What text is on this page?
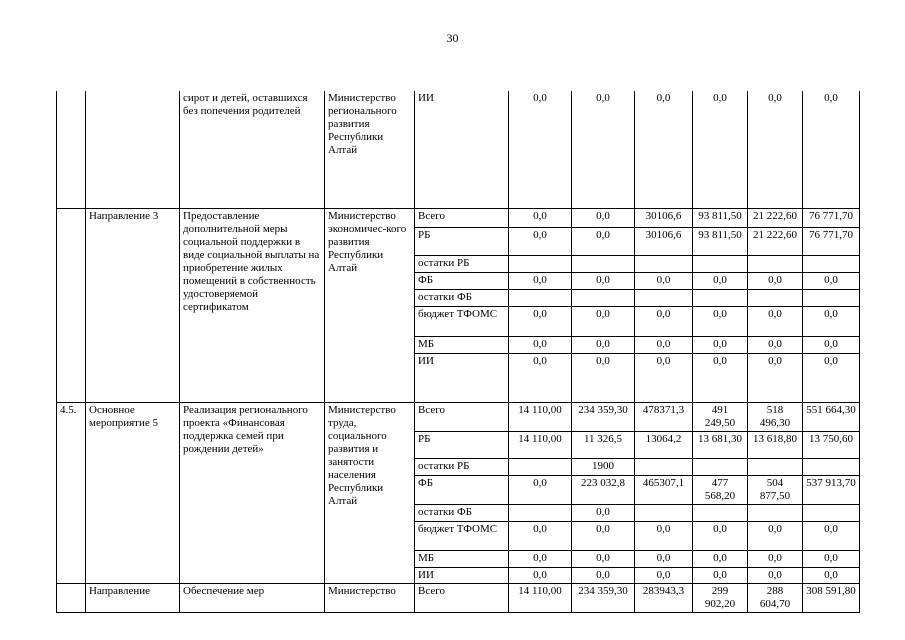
30
		сирот и детей, оставшихся без попечения родителей	Министерство регионального развития Республики Алтай	ИИ	0,0	0,0	0,0	0,0	0,0	0,0
	Направление 3	Предоставление дополнительной меры социальной поддержки в виде социальной выплаты на приобретение жилых помещений в собственность удостоверяемой сертификатом	Министерство экономичес-кого развития Республики Алтай	Всего	0,0	0,0	30106,6	93 811,50	21 222,60	76 771,70
				РБ	0,0	0,0	30106,6	93 811,50	21 222,60	76 771,70
				остатки РБ						
				ФБ	0,0	0,0	0,0	0,0	0,0	0,0
				остатки ФБ						
				бюджет ТФОМС	0,0	0,0	0,0	0,0	0,0	0,0
				МБ	0,0	0,0	0,0	0,0	0,0	0,0
				ИИ	0,0	0,0	0,0	0,0	0,0	0,0
4.5.	Основное мероприятие 5	Реализация регионального проекта «Финансовая поддержка семей при рождении детей»	Министерство труда, социального развития и занятости населения Республики Алтай	Всего	14 110,00	234 359,30	478371,3	491 249,50	518 496,30	551 664,30
				РБ	14 110,00	11 326,5	13064,2	13 681,30	13 618,80	13 750,60
				остатки РБ		1900				
				ФБ	0,0	223 032,8	465307,1	477 568,20	504 877,50	537 913,70
				остатки ФБ		0,0				
				бюджет ТФОМС	0,0	0,0	0,0	0,0	0,0	0,0
				МБ	0,0	0,0	0,0	0,0	0,0	0,0
				ИИ	0,0	0,0	0,0	0,0	0,0	0,0
	Направление	Обеспечение мер	Министерство	Всего	14 110,00	234 359,30	283943,3	299 902,20	288 604,70	308 591,80
